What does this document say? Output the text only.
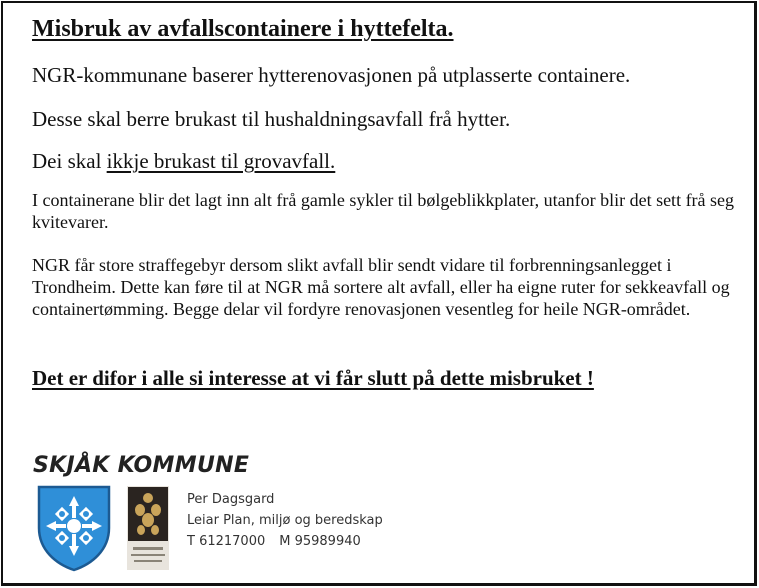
Misbruk av avfallscontainere i hyttefelta.

NGR-kommunane baserer hytterenovasjonen på utplasserte containere.

Desse skal berre brukast til hushaldningsavfall frå hytter.

Dei skal ikkje brukast til grovavfall.

I containerane blir det lagt inn alt frå gamle sykler til bølgeblikkplater, utanfor blir det sett frå seg kvitevarer.

NGR får store straffegebyr dersom slikt avfall blir sendt vidare til forbrenningsanlegget i Trondheim. Dette kan føre til at NGR må sortere alt avfall, eller ha eigne ruter for sekkeavfall og containertømming. Begge delar vil fordyre renovasjonen vesentleg for heile NGR-området.

Det er difor i alle si interesse at vi får slutt på dette misbruket !

SKJÅK KOMMUNE
Per Dagsgard
Leiar Plan, miljø og beredskap
T 61217000 M 95989940
